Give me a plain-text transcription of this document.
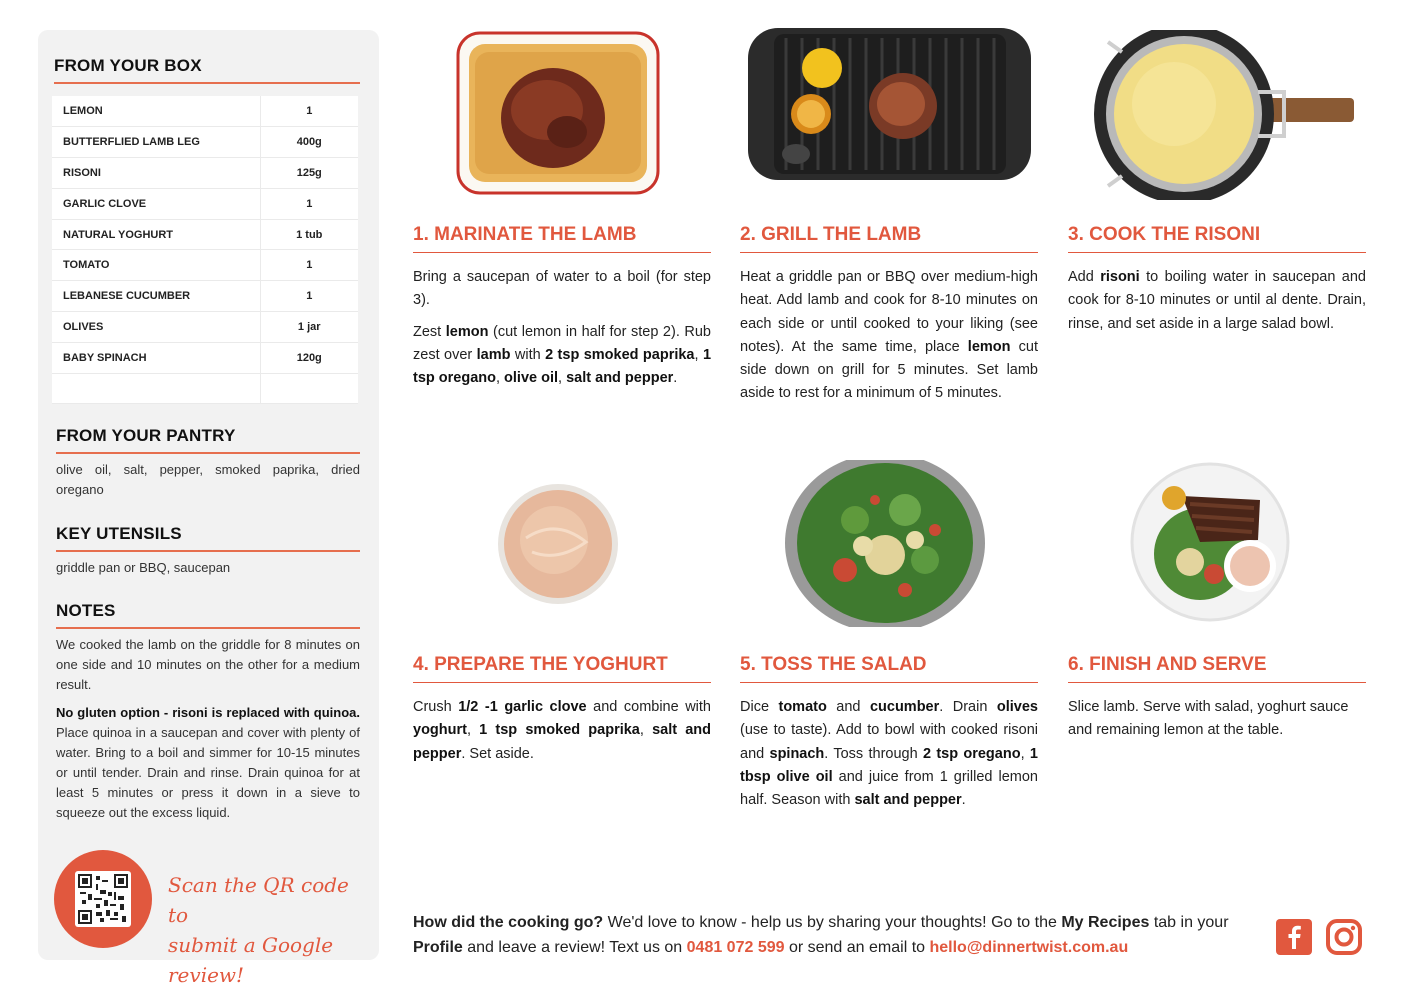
FROM YOUR BOX
LEMON	1
BUTTERFLIED LAMB LEG	400g
RISONI	125g
GARLIC CLOVE	1
NATURAL YOGHURT	1 tub
TOMATO	1
LEBANESE CUCUMBER	1
OLIVES	1 jar
BABY SPINACH	120g

FROM YOUR PANTRY
olive oil, salt, pepper, smoked paprika, dried oregano
KEY UTENSILS
griddle pan or BBQ, saucepan
NOTES
We cooked the lamb on the griddle for 8 minutes on one side and 10 minutes on the other for a medium result.
No gluten option - risoni is replaced with quinoa. Place quinoa in a saucepan and cover with plenty of water. Bring to a boil and simmer for 10-15 minutes or until tender. Drain and rinse. Drain quinoa for at least 5 minutes or press it down in a sieve to squeeze out the excess liquid.
Scan the QR code to
submit a Google review!
1. MARINATE THE LAMB
Bring a saucepan of water to a boil (for step 3).
Zest lemon (cut lemon in half for step 2). Rub zest over lamb with 2 tsp smoked paprika, 1 tsp oregano, olive oil, salt and pepper.
2. GRILL THE LAMB
Heat a griddle pan or BBQ over medium-high heat. Add lamb and cook for 8-10 minutes on each side or until cooked to your liking (see notes). At the same time, place lemon cut side down on grill for 5 minutes. Set lamb aside to rest for a minimum of 5 minutes.
3. COOK THE RISONI
Add risoni to boiling water in saucepan and cook for 8-10 minutes or until al dente. Drain, rinse, and set aside in a large salad bowl.
4. PREPARE THE YOGHURT
Crush 1/2 -1 garlic clove and combine with yoghurt, 1 tsp smoked paprika, salt and pepper. Set aside.
5. TOSS THE SALAD
Dice tomato and cucumber. Drain olives (use to taste). Add to bowl with cooked risoni and spinach. Toss through 2 tsp oregano, 1 tbsp olive oil and juice from 1 grilled lemon half. Season with salt and pepper.
6. FINISH AND SERVE
Slice lamb. Serve with salad, yoghurt sauce and remaining lemon at the table.
How did the cooking go? We'd love to know - help us by sharing your thoughts! Go to the My Recipes tab in your Profile and leave a review! Text us on 0481 072 599 or send an email to hello@dinnertwist.com.au
